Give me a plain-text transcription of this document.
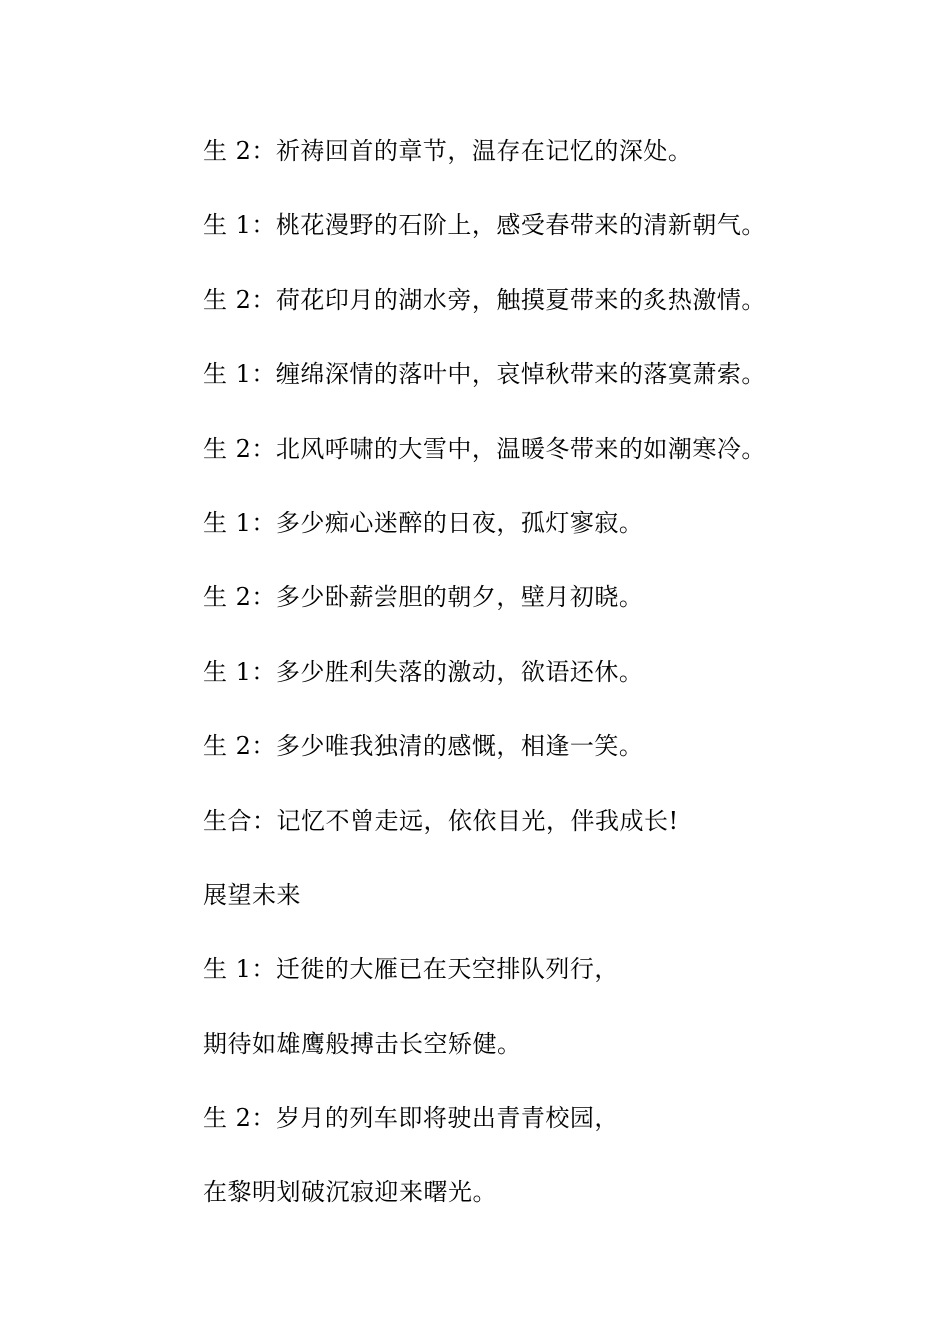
生 2：祈祷回首的章节，温存在记忆的深处。
生 1：桃花漫野的石阶上，感受春带来的清新朝气。
生 2：荷花印月的湖水旁，触摸夏带来的炙热激情。
生 1：缠绵深情的落叶中，哀悼秋带来的落寞萧索。
生 2：北风呼啸的大雪中，温暖冬带来的如潮寒冷。
生 1：多少痴心迷醉的日夜，孤灯寥寂。
生 2：多少卧薪尝胆的朝夕，壁月初晓。
生 1：多少胜利失落的激动，欲语还休。
生 2：多少唯我独清的感慨，相逢一笑。
生合：记忆不曾走远，依依目光，伴我成长!
展望未来
生 1：迁徙的大雁已在天空排队列行，
期待如雄鹰般搏击长空矫健。
生 2：岁月的列车即将驶出青青校园，
在黎明划破沉寂迎来曙光。
